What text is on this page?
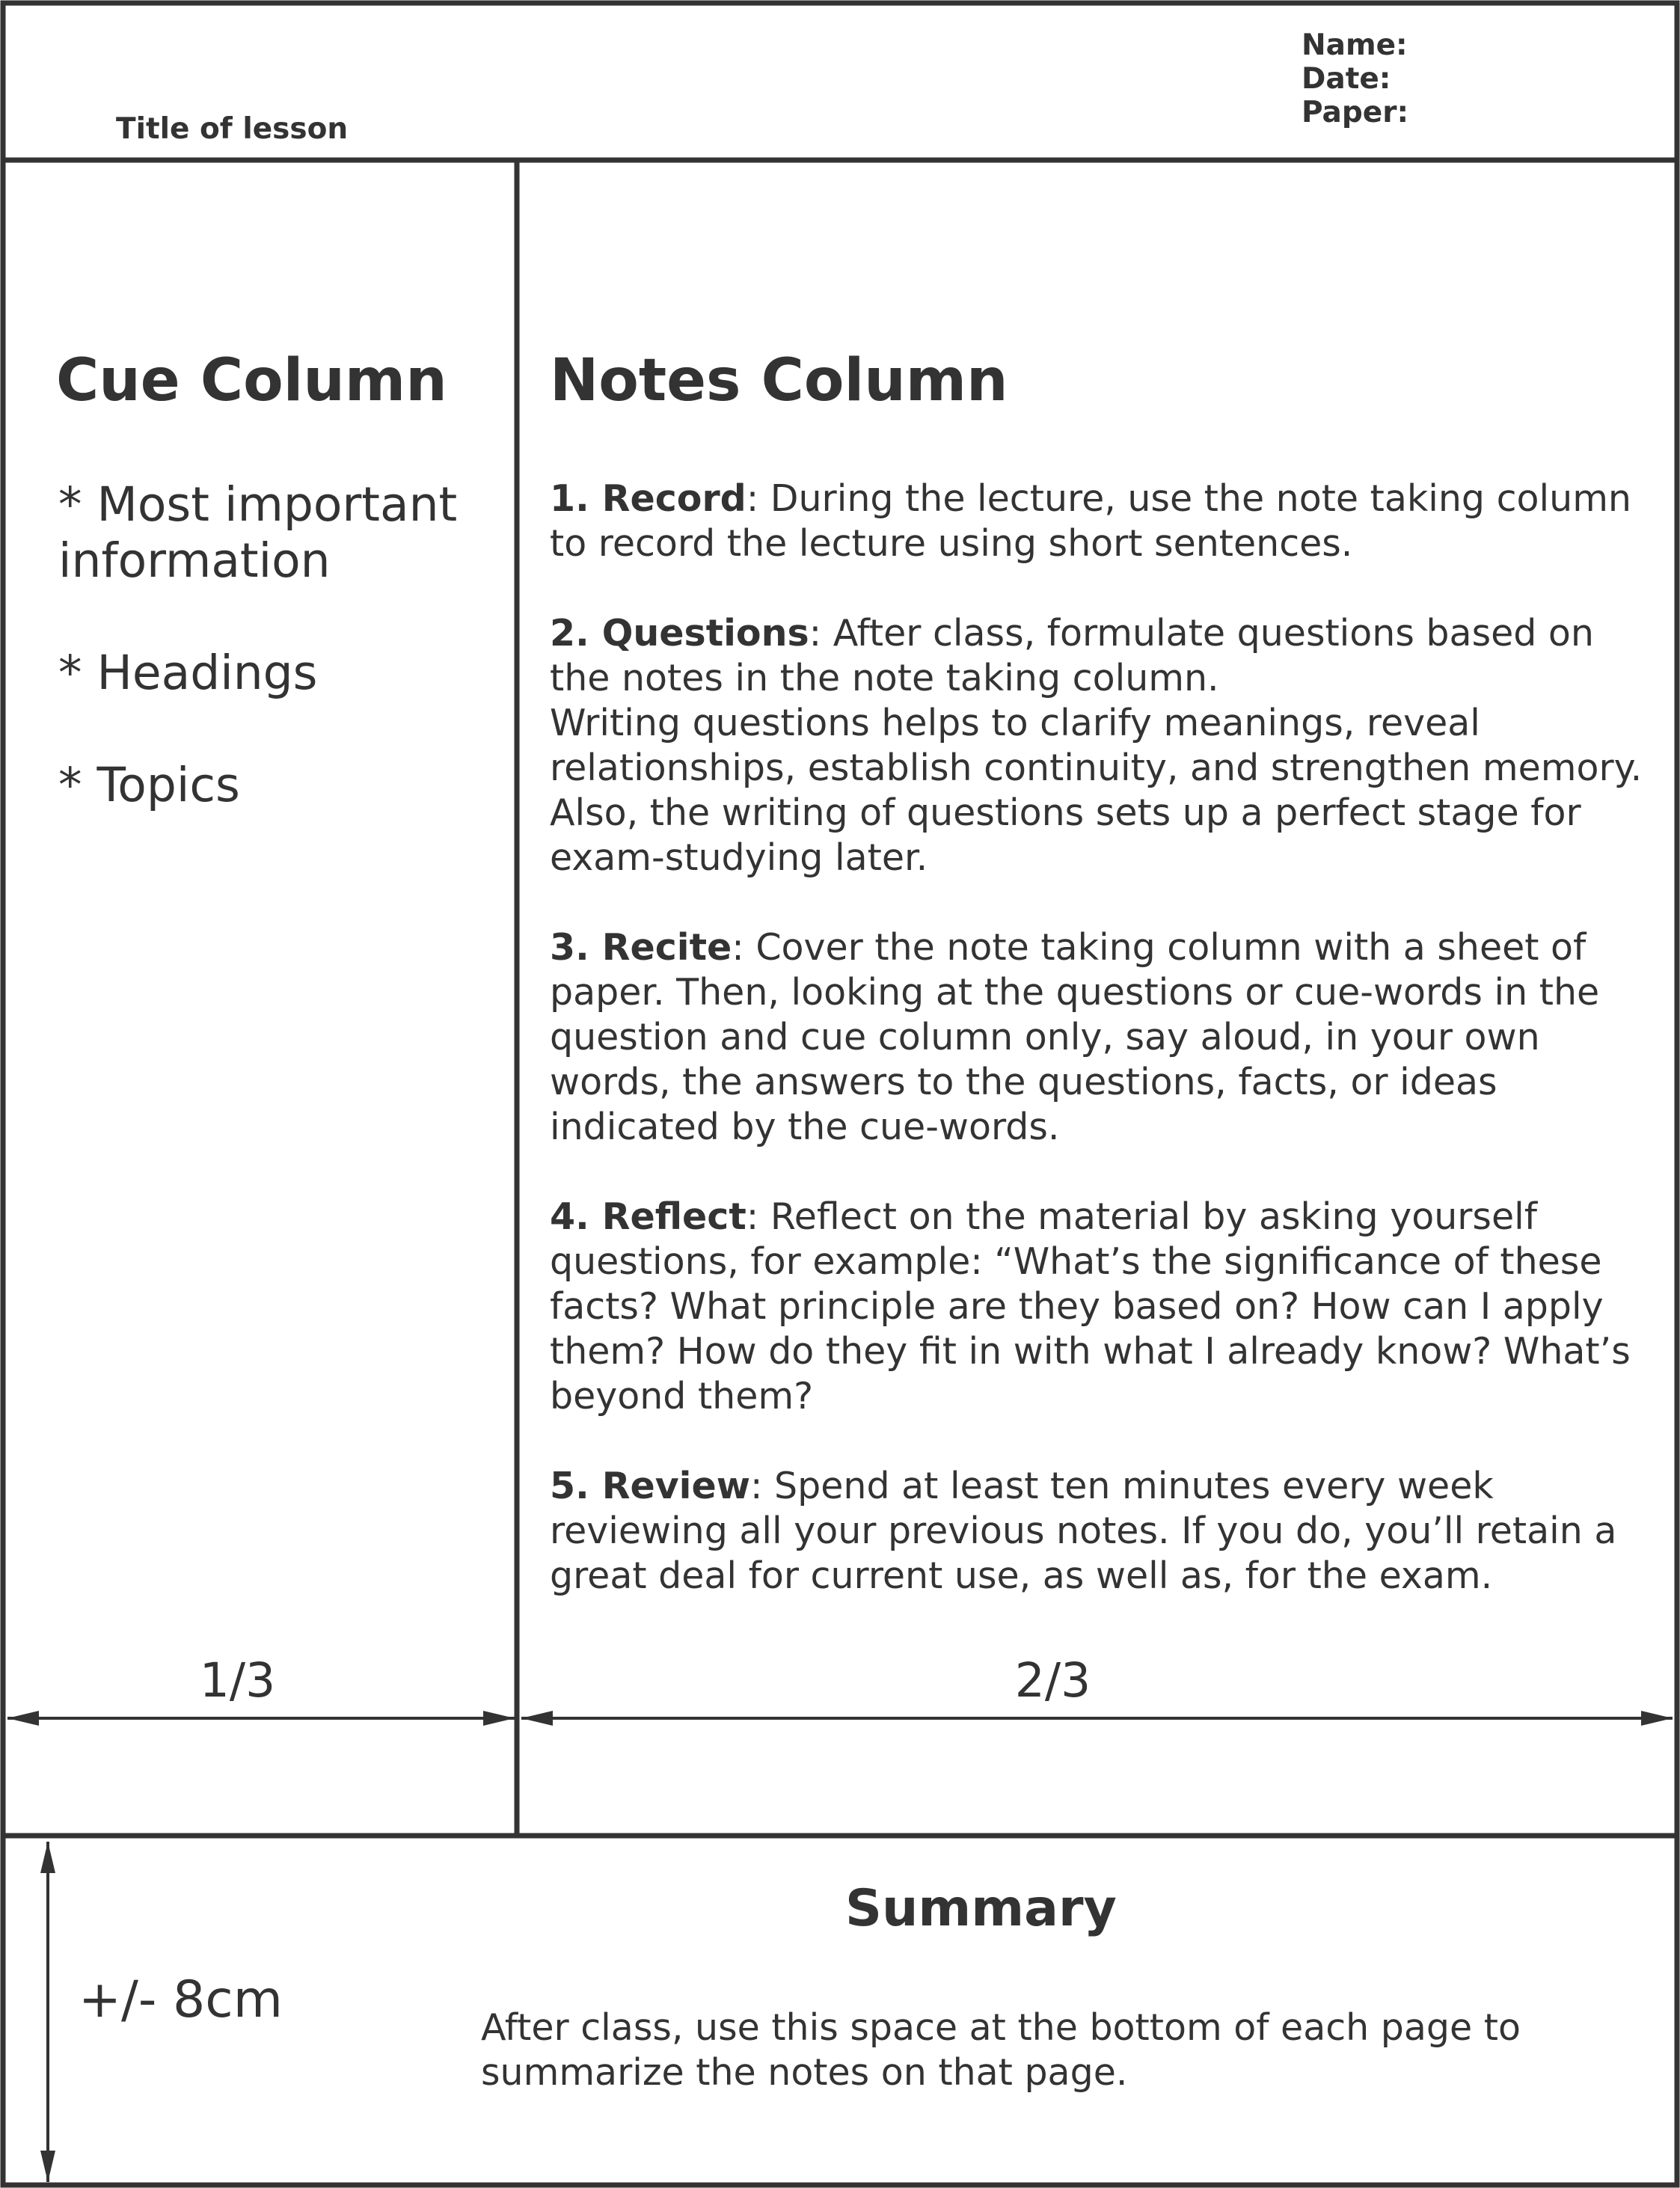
Title of lesson
Name:
Date:
Paper:
Cue Column

* Most important information

* Headings

* Topics

Notes Column

1. Record: During the lecture, use the note taking column to record the lecture using short sentences.

2. Questions: After class, formulate questions based on the notes in the note taking column.
Writing questions helps to clarify meanings, reveal relationships, establish continuity, and strengthen memory. Also, the writing of questions sets up a perfect stage for exam-studying later.

3. Recite: Cover the note taking column with a sheet of paper. Then, looking at the questions or cue-words in the question and cue column only, say aloud, in your own words, the answers to the questions, facts, or ideas indicated by the cue-words.

4. Reflect: Reflect on the material by asking yourself questions, for example: “What’s the significance of these facts? What principle are they based on? How can I apply them? How do they fit in with what I already know? What’s beyond them?

5. Review: Spend at least ten minutes every week reviewing all your previous notes. If you do, you’ll retain a great deal for current use, as well as, for the exam.

1/3	2/3
+/- 8cm
Summary
After class, use this space at the bottom of each page to summarize the notes on that page.
